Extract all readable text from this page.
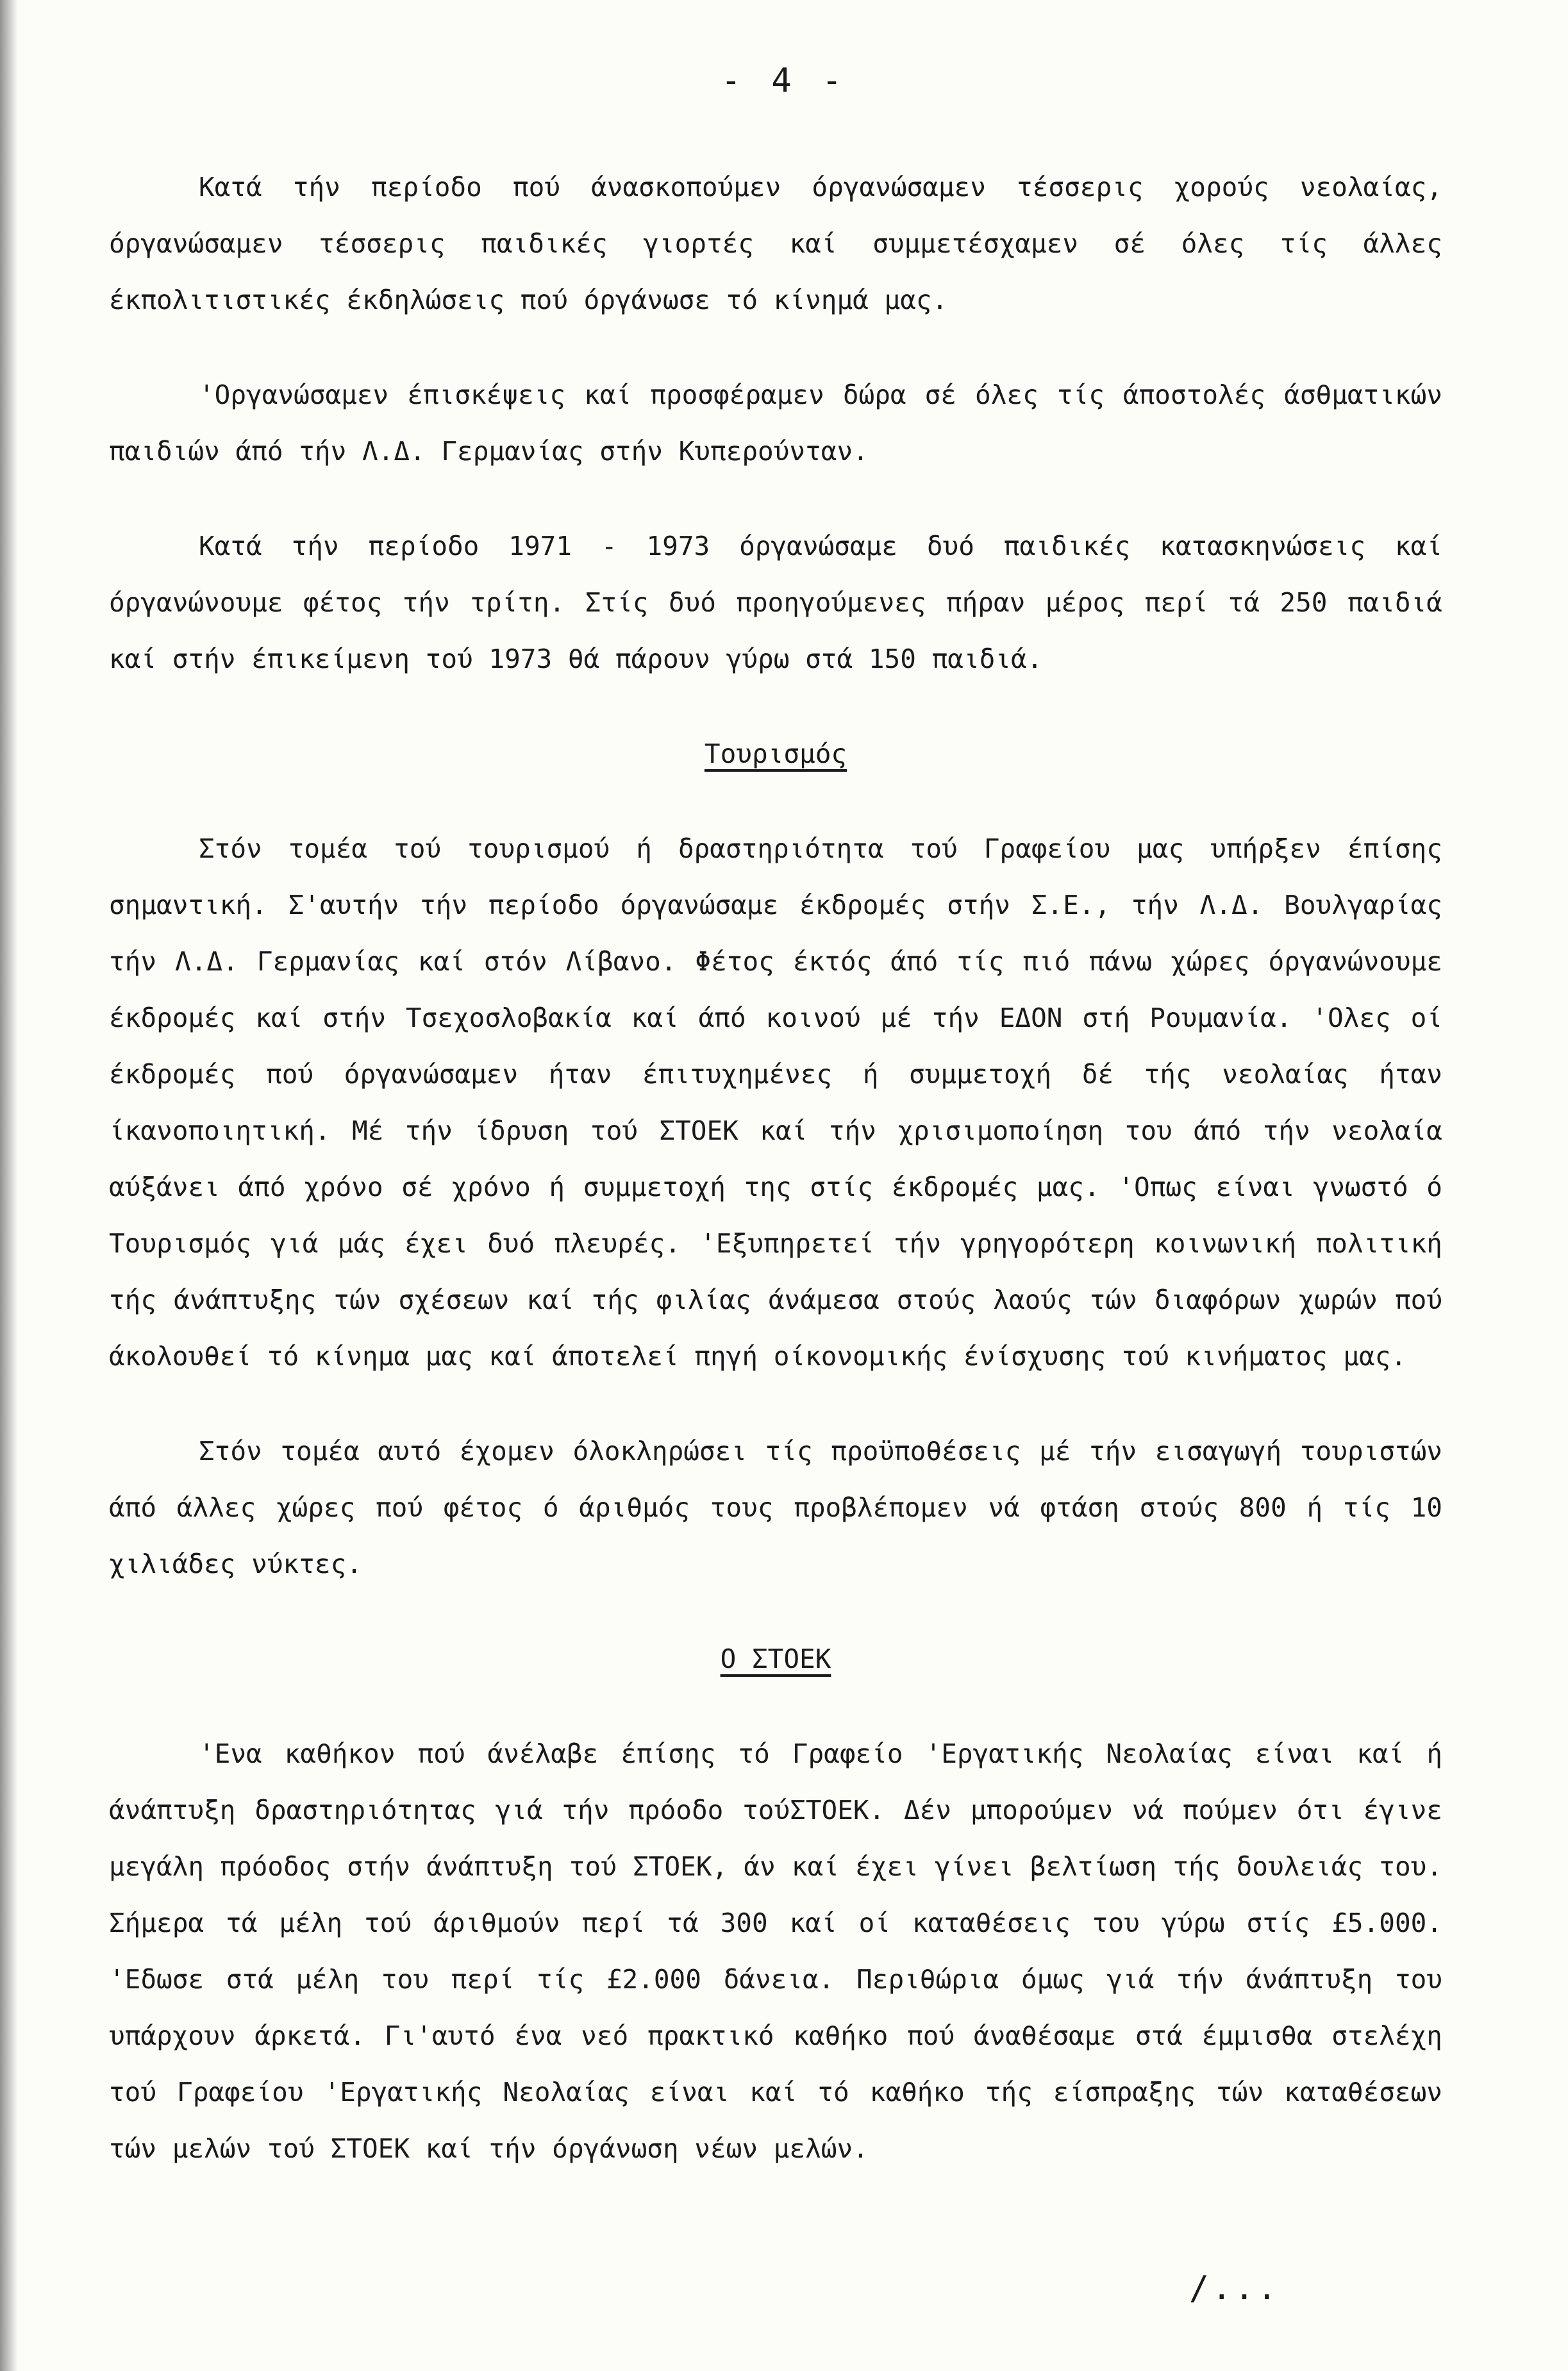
- 4 -

Κατά τήν περίοδο πού άνασκοπούμεν όργανώσαμεν τέσσερις χορούς νεολαίας, όργανώσαμεν τέσσερις παιδικές γιορτές καί συμμετέσχαμεν σέ όλες τίς άλλες έκπολιτιστικές έκδηλώσεις πού όργάνωσε τό κίνημά μας.

'Οργανώσαμεν έπισκέψεις καί προσφέραμεν δώρα σέ όλες τίς άποστολές άσθματικών παιδιών άπό τήν Λ.Δ. Γερμανίας στήν Κυπερούνταν.

Κατά τήν περίοδο 1971 - 1973 όργανώσαμε δυό παιδικές κατασκηνώσεις καί όργανώνουμε φέτος τήν τρίτη. Στίς δυό προηγούμενες πήραν μέρος περί τά 250 παιδιά καί στήν έπικείμενη τού 1973 θά πάρουν γύρω στά 150 παιδιά.

Τουρισμός

Στόν τομέα τού τουρισμού ή δραστηριότητα τού Γραφείου μας υπήρξεν έπίσης σημαντική. Σ'αυτήν τήν περίοδο όργανώσαμε έκδρομές στήν Σ.Ε., τήν Λ.Δ. Βουλγαρίας τήν Λ.Δ. Γερμανίας καί στόν Λίβανο. Φέτος έκτός άπό τίς πιό πάνω χώρες όργανώνουμε έκδρομές καί στήν Τσεχοσλοβακία καί άπό κοινού μέ τήν ΕΔΟΝ στή Ρουμανία. 'Ολες οί έκδρομές πού όργανώσαμεν ήταν έπιτυχημένες ή συμμετοχή δέ τής νεολαίας ήταν ίκανοποιητική. Μέ τήν ίδρυση τού ΣΤΟΕΚ καί τήν χρισιμοποίηση του άπό τήν νεολαία αύξάνει άπό χρόνο σέ χρόνο ή συμμετοχή της στίς έκδρομές μας. 'Οπως είναι γνωστό ό Τουρισμός γιά μάς έχει δυό πλευρές. 'Εξυπηρετεί τήν γρηγορότερη κοινωνική πολιτική τής άνάπτυξης τών σχέσεων καί τής φιλίας άνάμεσα στούς λαούς τών διαφόρων χωρών πού άκολουθεί τό κίνημα μας καί άποτελεί πηγή οίκονομικής ένίσχυσης τού κινήματος μας.

Στόν τομέα αυτό έχομεν όλοκληρώσει τίς προϋποθέσεις μέ τήν εισαγωγή τουριστών άπό άλλες χώρες πού φέτος ό άριθμός τους προβλέπομεν νά φτάση στούς 800 ή τίς 10 χιλιάδες νύκτες.

Ο ΣΤΟΕΚ

'Ενα καθήκον πού άνέλαβε έπίσης τό Γραφείο 'Εργατικής Νεολαίας είναι καί ή άνάπτυξη δραστηριότητας γιά τήν πρόοδο τούΣΤΟΕΚ. Δέν μπορούμεν νά πούμεν ότι έγινε μεγάλη πρόοδος στήν άνάπτυξη τού ΣΤΟΕΚ, άν καί έχει γίνει βελτίωση τής δουλειάς του. Σήμερα τά μέλη τού άριθμούν περί τά 300 καί οί καταθέσεις του γύρω στίς £5.000. 'Εδωσε στά μέλη του περί τίς £2.000 δάνεια. Περιθώρια όμως γιά τήν άνάπτυξη του υπάρχουν άρκετά. Γι'αυτό ένα νεό πρακτικό καθήκο πού άναθέσαμε στά έμμισθα στελέχη τού Γραφείου 'Εργατικής Νεολαίας είναι καί τό καθήκο τής είσπραξης τών καταθέσεων τών μελών τού ΣΤΟΕΚ καί τήν όργάνωση νέων μελών.

/...
